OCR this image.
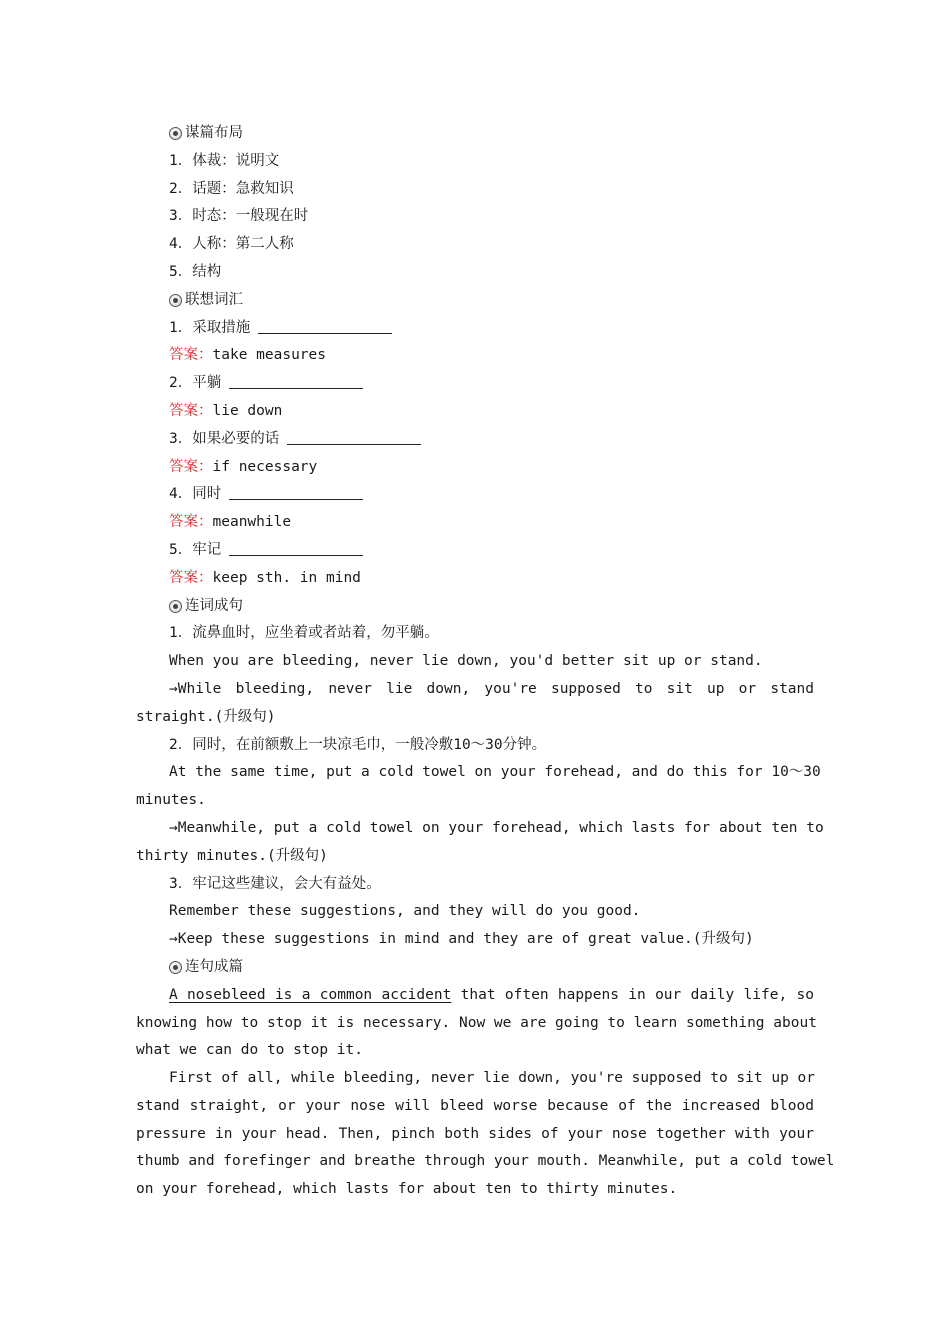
谋篇布局
1．体裁：说明文
2．话题：急救知识
3．时态：一般现在时
4．人称：第二人称
5．结构
联想词汇
1．采取措施
答案：take measures
2．平躺
答案：lie down
3．如果必要的话
答案：if necessary
4．同时
答案：meanwhile
5．牢记
答案：keep sth. in mind
连词成句
1．流鼻血时，应坐着或者站着，勿平躺。
When you are bleeding, never lie down, you'd better sit up or stand.
→While bleeding, never lie down, you're supposed to sit up or stand
straight.(升级句)
2．同时，在前额敷上一块凉毛巾，一般冷敷10～30分钟。
At the same time, put a cold towel on your forehead, and do this for 10～30
minutes.
→Meanwhile, put a cold towel on your forehead, which lasts for about ten to
thirty minutes.(升级句)
3．牢记这些建议，会大有益处。
Remember these suggestions, and they will do you good.
→Keep these suggestions in mind and they are of great value.(升级句)
连句成篇
A nosebleed is a common accident that often happens in our daily life, so
knowing how to stop it is necessary. Now we are going to learn something about
what we can do to stop it.
First of all, while bleeding, never lie down, you're supposed to sit up or
stand straight, or your nose will bleed worse because of the increased blood
pressure in your head. Then, pinch both sides of your nose together with your
thumb and forefinger and breathe through your mouth. Meanwhile, put a cold towel
on your forehead, which lasts for about ten to thirty minutes.
